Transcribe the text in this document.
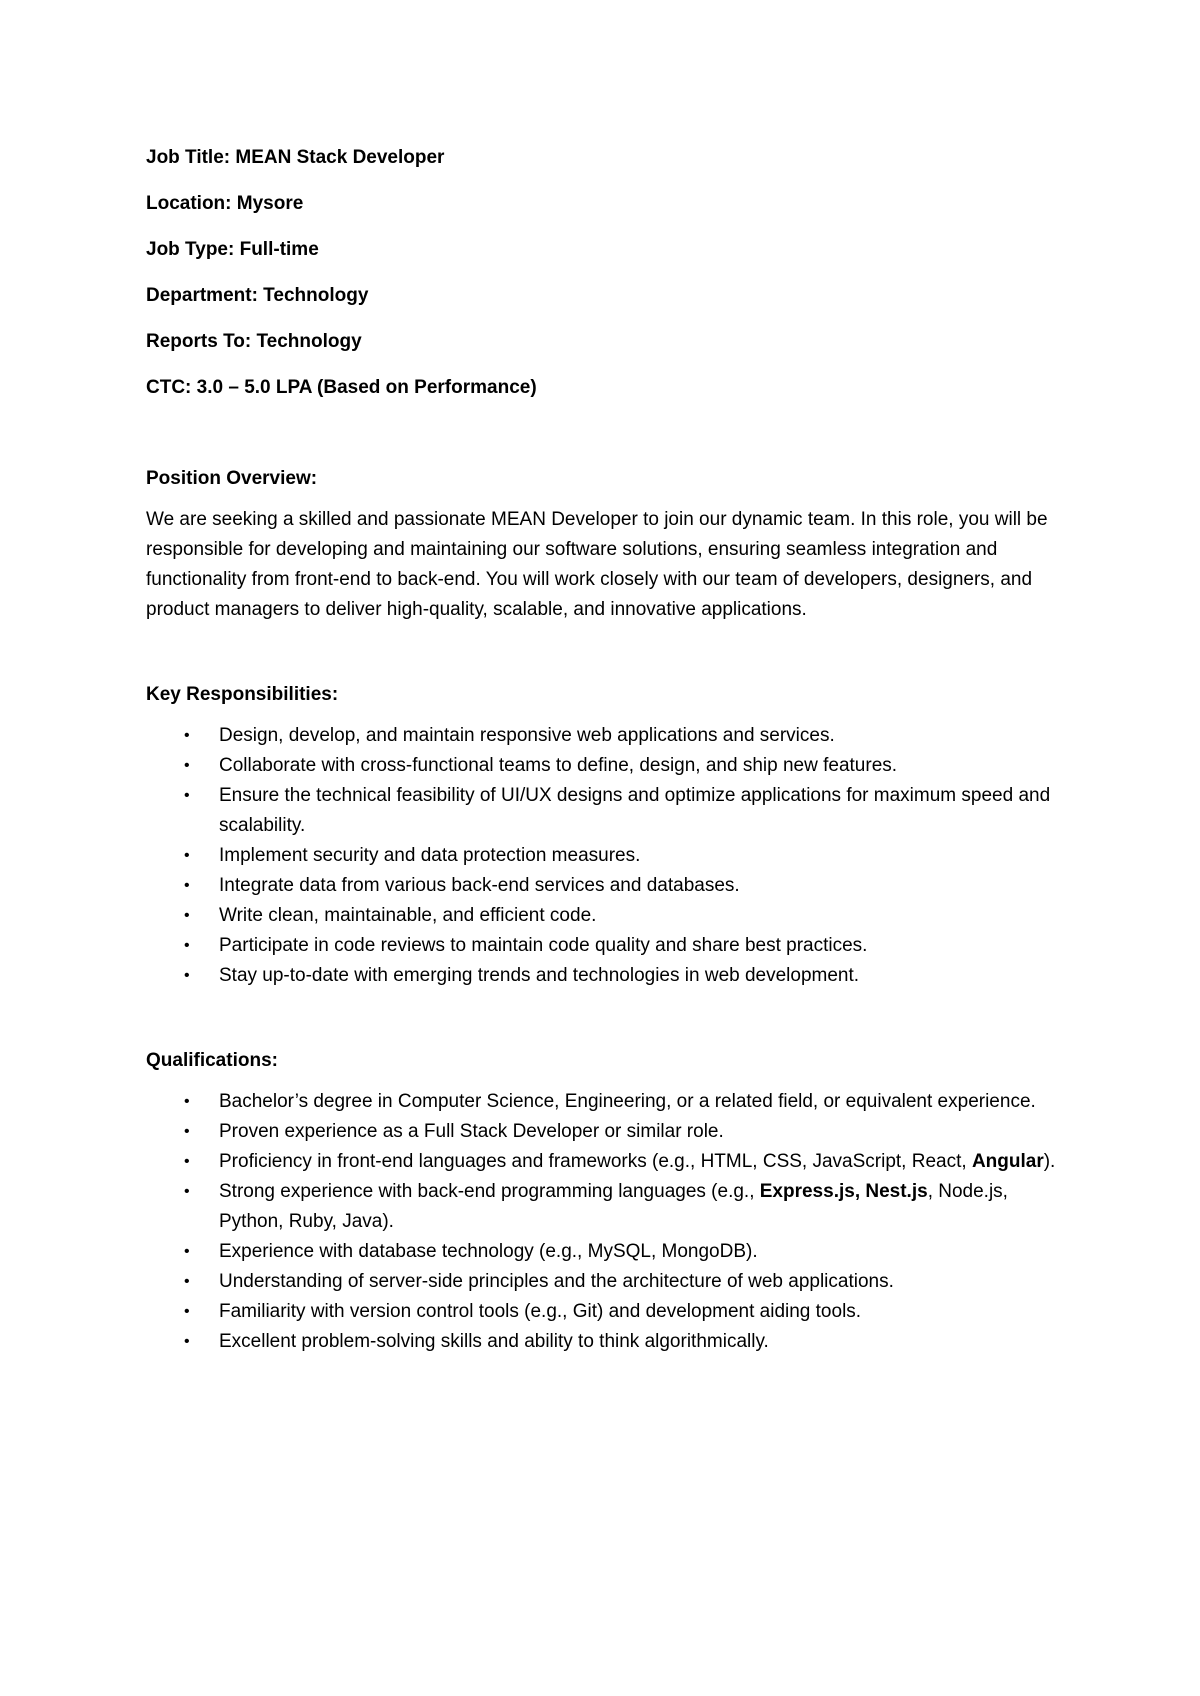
Job Title: MEAN Stack Developer

Location: Mysore

Job Type: Full-time

Department: Technology

Reports To: Technology

CTC: 3.0 – 5.0 LPA (Based on Performance)

Position Overview:

We are seeking a skilled and passionate MEAN Developer to join our dynamic team. In this role, you will be responsible for developing and maintaining our software solutions, ensuring seamless integration and functionality from front-end to back-end. You will work closely with our team of developers, designers, and product managers to deliver high-quality, scalable, and innovative applications.

Key Responsibilities:

• Design, develop, and maintain responsive web applications and services.
• Collaborate with cross-functional teams to define, design, and ship new features.
• Ensure the technical feasibility of UI/UX designs and optimize applications for maximum speed and scalability.
• Implement security and data protection measures.
• Integrate data from various back-end services and databases.
• Write clean, maintainable, and efficient code.
• Participate in code reviews to maintain code quality and share best practices.
• Stay up-to-date with emerging trends and technologies in web development.

Qualifications:

• Bachelor’s degree in Computer Science, Engineering, or a related field, or equivalent experience.
• Proven experience as a Full Stack Developer or similar role.
• Proficiency in front-end languages and frameworks (e.g., HTML, CSS, JavaScript, React, Angular).
• Strong experience with back-end programming languages (e.g., Express.js, Nest.js, Node.js, Python, Ruby, Java).
• Experience with database technology (e.g., MySQL, MongoDB).
• Understanding of server-side principles and the architecture of web applications.
• Familiarity with version control tools (e.g., Git) and development aiding tools.
• Excellent problem-solving skills and ability to think algorithmically.
